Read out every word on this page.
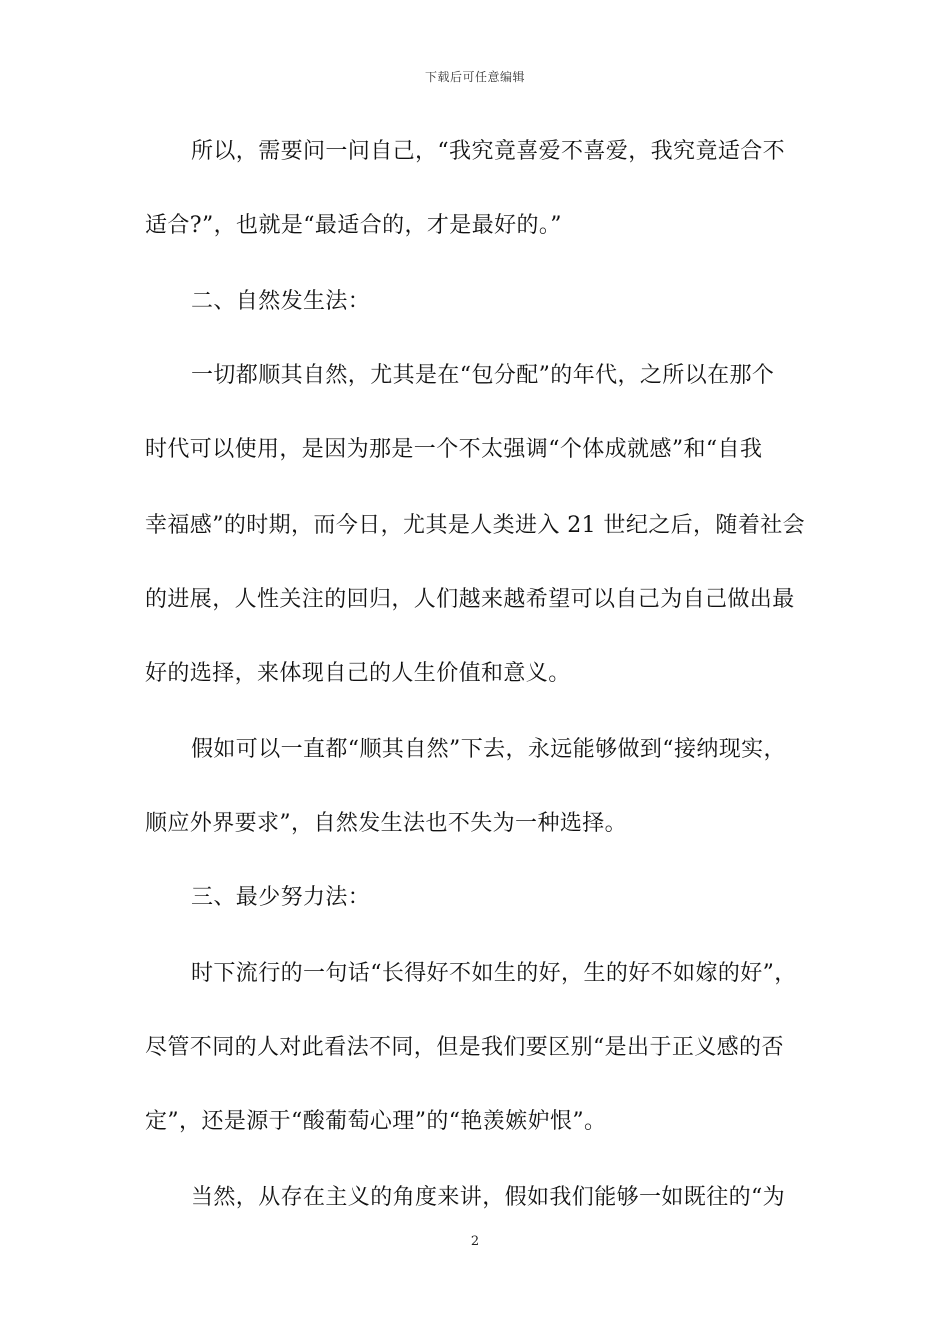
下载后可任意编辑
所以，需要问一问自己，“我究竟喜爱不喜爱，我究竟适合不
适合?”，也就是“最适合的，才是最好的。”
二、自然发生法：
一切都顺其自然，尤其是在“包分配”的年代，之所以在那个
时代可以使用，是因为那是一个不太强调“个体成就感”和“自我
幸福感”的时期，而今日，尤其是人类进入 21 世纪之后，随着社会
的进展，人性关注的回归，人们越来越希望可以自己为自己做出最
好的选择，来体现自己的人生价值和意义。
假如可以一直都“顺其自然”下去，永远能够做到“接纳现实，
顺应外界要求”，自然发生法也不失为一种选择。
三、最少努力法：
时下流行的一句话“长得好不如生的好，生的好不如嫁的好”，
尽管不同的人对此看法不同，但是我们要区别“是出于正义感的否
定”，还是源于“酸葡萄心理”的“艳羡嫉妒恨”。
当然，从存在主义的角度来讲，假如我们能够一如既往的“为
2
